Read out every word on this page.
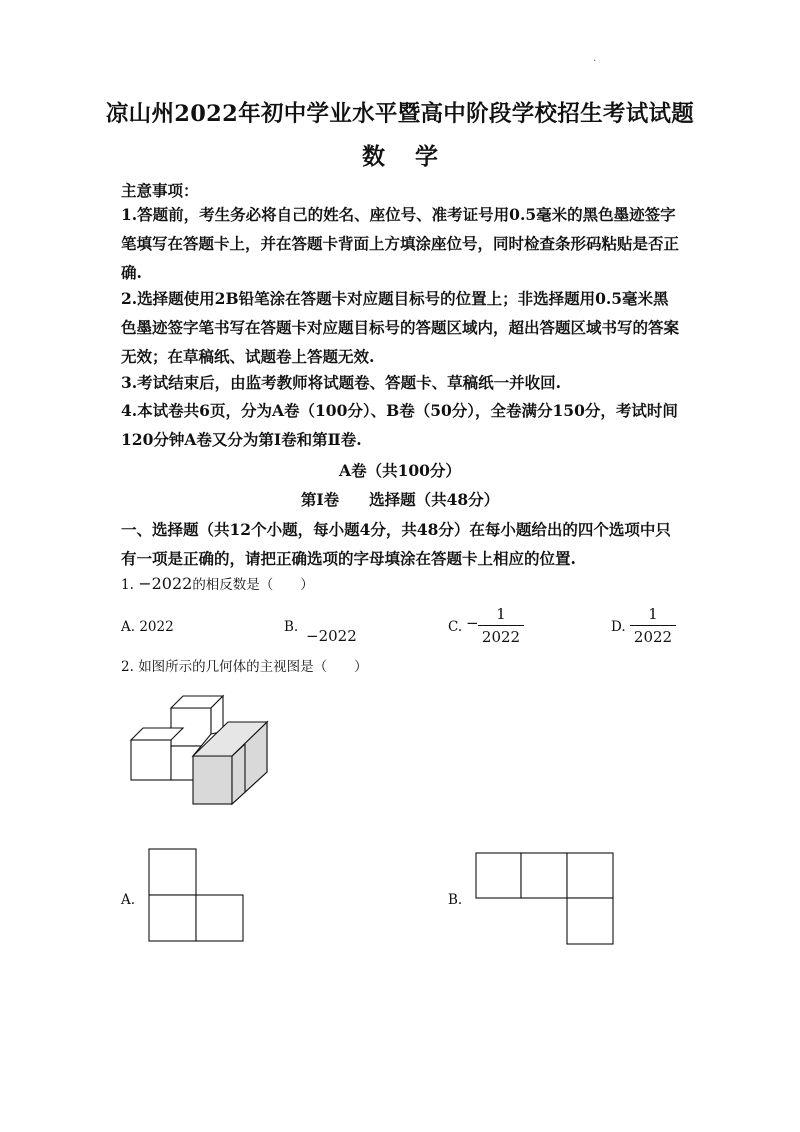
·
凉山州2022年初中学业水平暨高中阶段学校招生考试试题
数 学
主意事项：
1.答题前，考生务必将自己的姓名、座位号、准考证号用0.5毫米的黑色墨迹签字笔填写在答题卡上，并在答题卡背面上方填涂座位号，同时检查条形码粘贴是否正确.
2.选择题使用2B铅笔涂在答题卡对应题目标号的位置上；非选择题用0.5毫米黑色墨迹签字笔书写在答题卡对应题目标号的答题区域内，超出答题区域书写的答案无效；在草稿纸、试题卷上答题无效.
3.考试结束后，由监考教师将试题卷、答题卡、草稿纸一并收回.
4.本试卷共6页，分为A卷（100分）、B卷（50分），全卷满分150分，考试时间120分钟A卷又分为第Ⅰ卷和第Ⅱ卷.
A卷（共100分）
第Ⅰ卷 选择题（共48分）
一、选择题（共12个小题，每小题4分，共48分）在每小题给出的四个选项中只有一项是正确的，请把正确选项的字母填涂在答题卡上相应的位置.
1. −2022的相反数是（　　）
A. 2022	B. −2022	C. −	1
2022
D.
1
2022
2. 如图所示的几何体的主视图是（　　）
A.	B.
